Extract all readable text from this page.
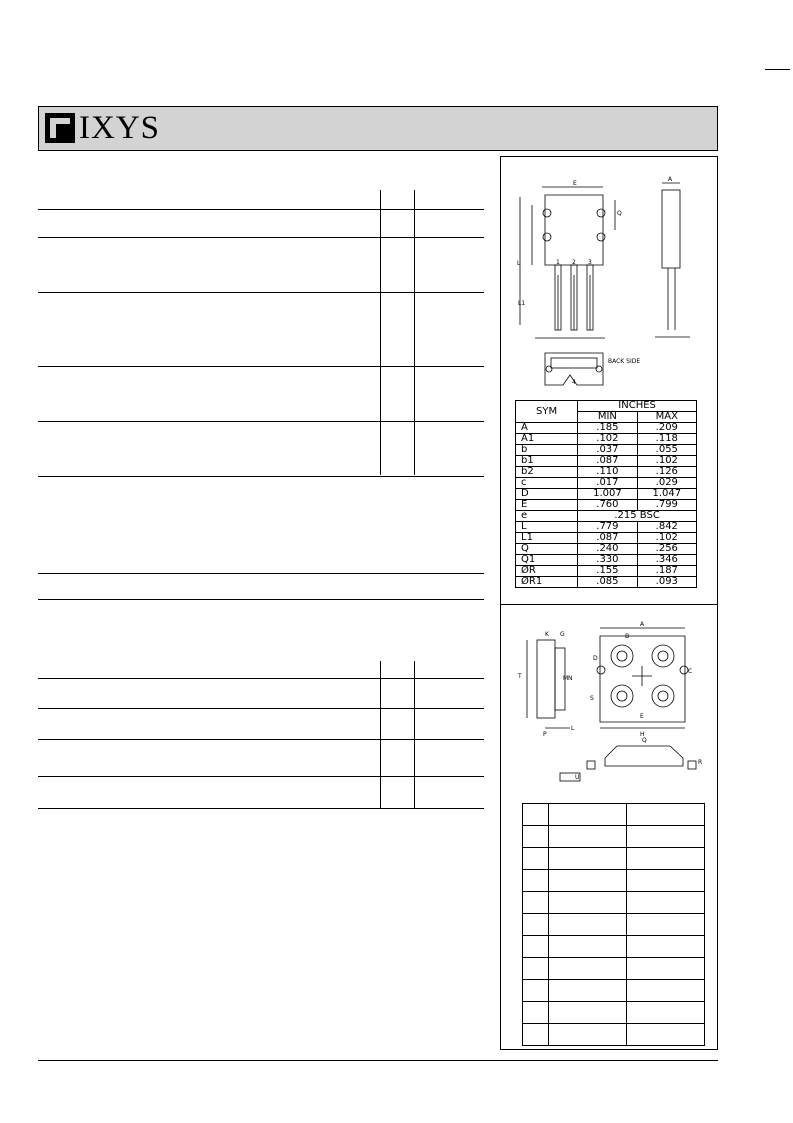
IXYS
E
1 2 3
L
L1
Q
BACK SIDE
4
A
SYM	INCHES	
	MIN	MAX
A	.185	.209
A1	.102	.118
b	.037	.055
b1	.087	.102
b2	.110	.126
c	.017	.029
D	1.007	1.047
E	.760	.799
e	.215 BSC	
L	.779	.842
L1	.087	.102
Q	.240	.256
Q1	.330	.346
ØR	.155	.187
ØR1	.085	.093
A
B
D
C
E
H
T	N
P
L
Q
R
U
S
K G
M
